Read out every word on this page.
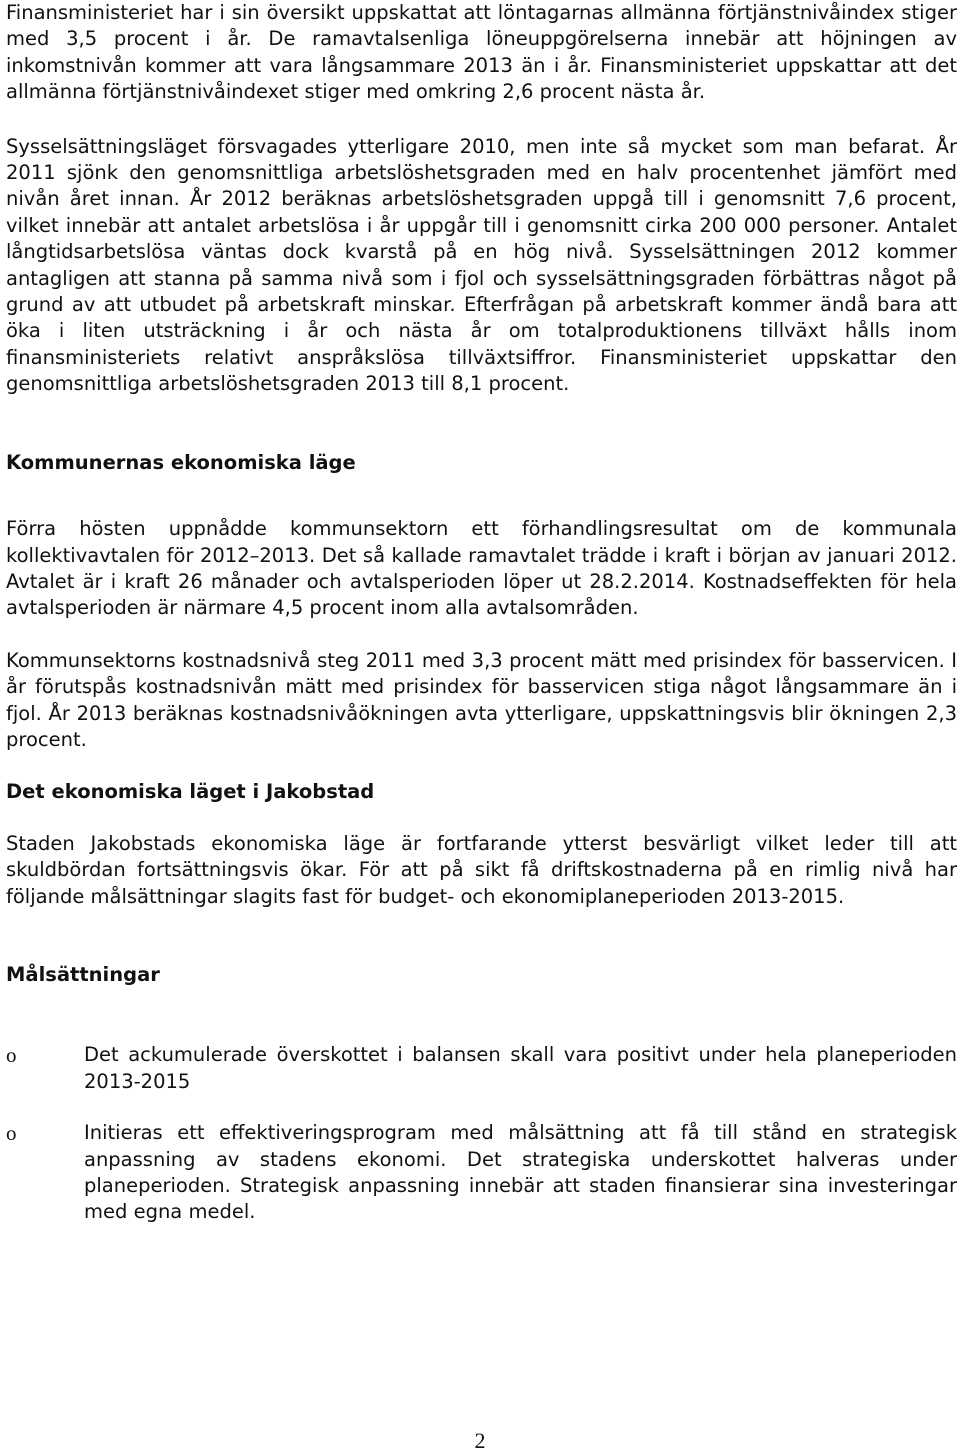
Finansministeriet har i sin översikt uppskattat att löntagarnas allmänna förtjänstnivåindex stiger med 3,5 procent i år. De ramavtalsenliga löneuppgörelserna innebär att höjningen av inkomstnivån kommer att vara långsammare 2013 än i år. Finansministeriet uppskattar att det allmänna förtjänstnivåindexet stiger med omkring 2,6 procent nästa år.

Sysselsättningsläget försvagades ytterligare 2010, men inte så mycket som man befarat. År 2011 sjönk den genomsnittliga arbetslöshetsgraden med en halv procentenhet jämfört med nivån året innan. År 2012 beräknas arbetslöshetsgraden uppgå till i genomsnitt 7,6 procent, vilket innebär att antalet arbetslösa i år uppgår till i genomsnitt cirka 200 000 personer. Antalet långtidsarbetslösa väntas dock kvarstå på en hög nivå. Sysselsättningen 2012 kommer antagligen att stanna på samma nivå som i fjol och sysselsättningsgraden förbättras något på grund av att utbudet på arbetskraft minskar. Efterfrågan på arbetskraft kommer ändå bara att öka i liten utsträckning i år och nästa år om totalproduktionens tillväxt hålls inom finansministeriets relativt anspråkslösa tillväxtsiffror. Finansministeriet uppskattar den genomsnittliga arbetslöshetsgraden 2013 till 8,1 procent.

Kommunernas ekonomiska läge

Förra hösten uppnådde kommunsektorn ett förhandlingsresultat om de kommunala kollektivavtalen för 2012–2013. Det så kallade ramavtalet trädde i kraft i början av januari 2012. Avtalet är i kraft 26 månader och avtalsperioden löper ut 28.2.2014. Kostnadseffekten för hela avtalsperioden är närmare 4,5 procent inom alla avtalsområden.

Kommunsektorns kostnadsnivå steg 2011 med 3,3 procent mätt med prisindex för basservicen. I år förutspås kostnadsnivån mätt med prisindex för basservicen stiga något långsammare än i fjol. År 2013 beräknas kostnadsnivåökningen avta ytterligare, uppskattningsvis blir ökningen 2,3 procent.

Det ekonomiska läget i Jakobstad

Staden Jakobstads ekonomiska läge är fortfarande ytterst besvärligt vilket leder till att skuldbördan fortsättningsvis ökar. För att på sikt få driftskostnaderna på en rimlig nivå har följande målsättningar slagits fast för budget- och ekonomiplaneperioden 2013-2015.

Målsättningar
o	Det ackumulerade överskottet i balansen skall vara positivt under hela planeperioden 2013-2015
o	Initieras ett effektiveringsprogram med målsättning att få till stånd en strategisk anpassning av stadens ekonomi. Det strategiska underskottet halveras under planeperioden. Strategisk anpassning innebär att staden finansierar sina investeringar med egna medel.
2
